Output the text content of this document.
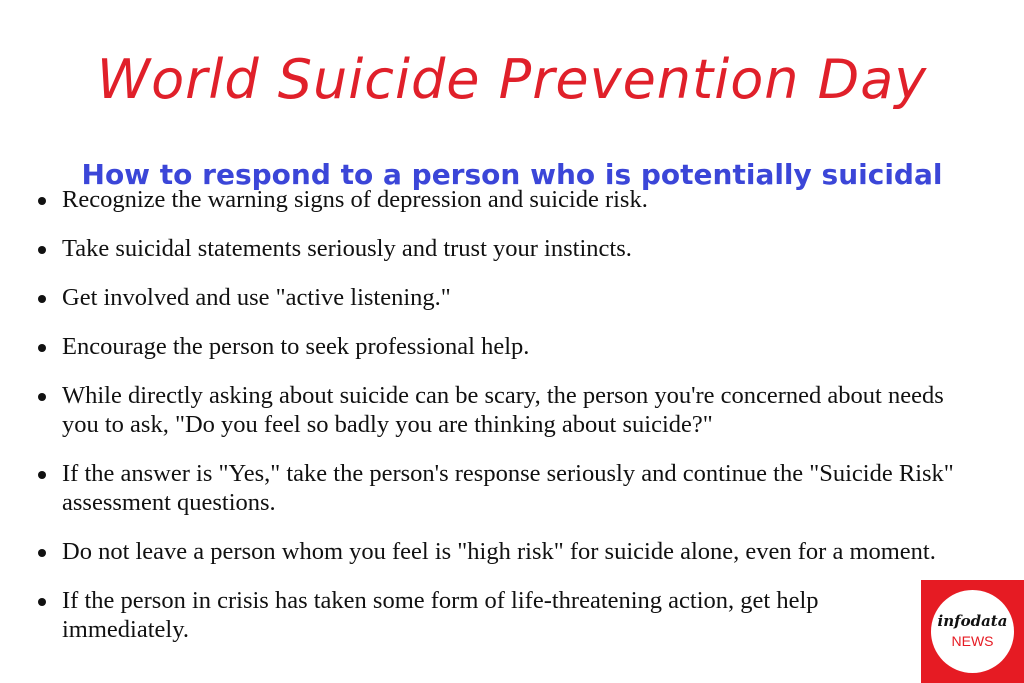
World Suicide Prevention Day
How to respond to a person who is potentially suicidal
Recognize the warning signs of depression and suicide risk.
Take suicidal statements seriously and trust your instincts.
Get involved and use "active listening."
Encourage the person to seek professional help.
While directly asking about suicide can be scary, the person you're concerned about needs you to ask, "Do you feel so badly you are thinking about suicide?"
If the answer is "Yes," take the person's response seriously and continue the "Suicide Risk" assessment questions.
Do not leave a person whom you feel is "high risk" for suicide alone, even for a moment.
If the person in crisis has taken some form of life-threatening action, get help immediately.	infodata
NEWS
